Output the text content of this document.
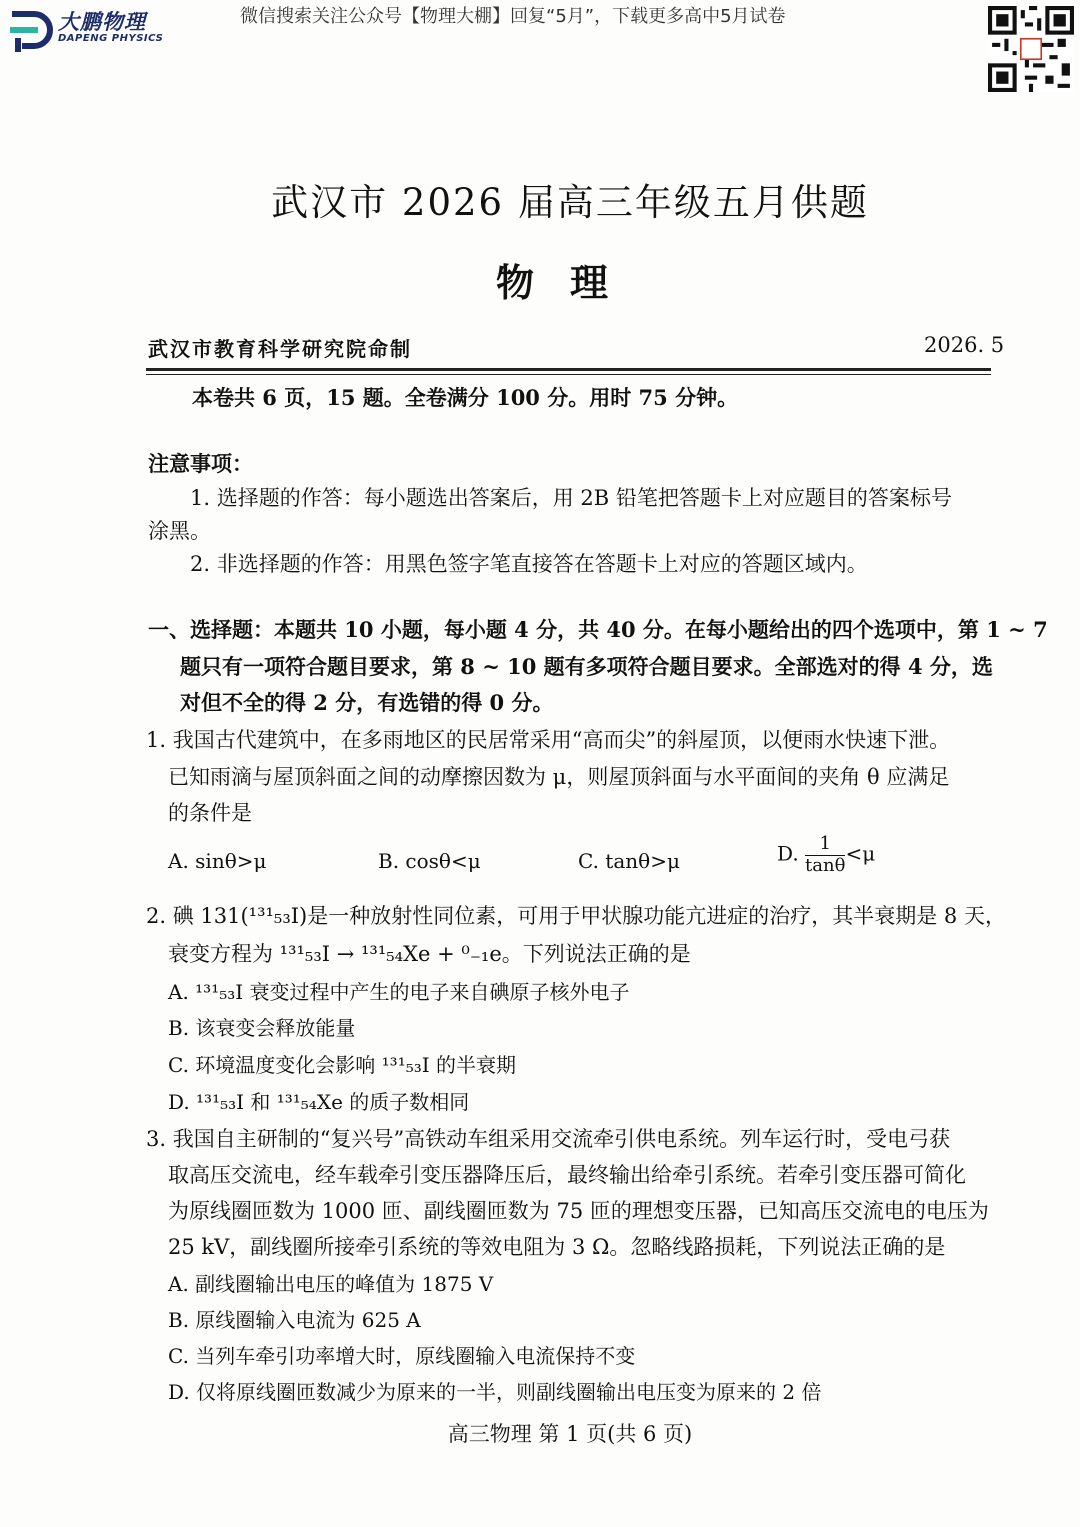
大鹏物理
DAPENG PHYSICS
微信搜索关注公众号【物理大棚】回复“5月”，下载更多高中5月试卷
武汉市 2026 届高三年级五月供题
物理
武汉市教育科学研究院命制	2026. 5
本卷共 6 页，15 题。全卷满分 100 分。用时 75 分钟。
注意事项：
1. 选择题的作答：每小题选出答案后，用 2B 铅笔把答题卡上对应题目的答案标号
涂黑。
2. 非选择题的作答：用黑色签字笔直接答在答题卡上对应的答题区域内。
一、选择题：本题共 10 小题，每小题 4 分，共 40 分。在每小题给出的四个选项中，第 1 ~ 7
题只有一项符合题目要求，第 8 ~ 10 题有多项符合题目要求。全部选对的得 4 分，选
对但不全的得 2 分，有选错的得 0 分。
1. 我国古代建筑中，在多雨地区的民居常采用“高而尖”的斜屋顶，以便雨水快速下泄。
已知雨滴与屋顶斜面之间的动摩擦因数为 μ，则屋顶斜面与水平面间的夹角 θ 应满足
的条件是
A. sinθ>μ	B. cosθ<μ	C. tanθ>μ	D. $\frac{1}{\tan\theta} <\mu$
2. 碘 131(¹³¹₅₃I)是一种放射性同位素，可用于甲状腺功能亢进症的治疗，其半衰期是 8 天，
衰变方程为 ¹³¹₅₃I → ¹³¹₅₄Xe + ⁰₋₁e。下列说法正确的是
A. ¹³¹₅₃I 衰变过程中产生的电子来自碘原子核外电子
B. 该衰变会释放能量
C. 环境温度变化会影响 ¹³¹₅₃I 的半衰期
D. ¹³¹₅₃I 和 ¹³¹₅₄Xe 的质子数相同
3. 我国自主研制的“复兴号”高铁动车组采用交流牵引供电系统。列车运行时，受电弓获
取高压交流电，经车载牵引变压器降压后，最终输出给牵引系统。若牵引变压器可简化
为原线圈匝数为 1000 匝、副线圈匝数为 75 匝的理想变压器，已知高压交流电的电压为
25 kV，副线圈所接牵引系统的等效电阻为 3 Ω。忽略线路损耗，下列说法正确的是
A. 副线圈输出电压的峰值为 1875 V
B. 原线圈输入电流为 625 A
C. 当列车牵引功率增大时，原线圈输入电流保持不变
D. 仅将原线圈匝数减少为原来的一半，则副线圈输出电压变为原来的 2 倍
高三物理 第 1 页(共 6 页)
